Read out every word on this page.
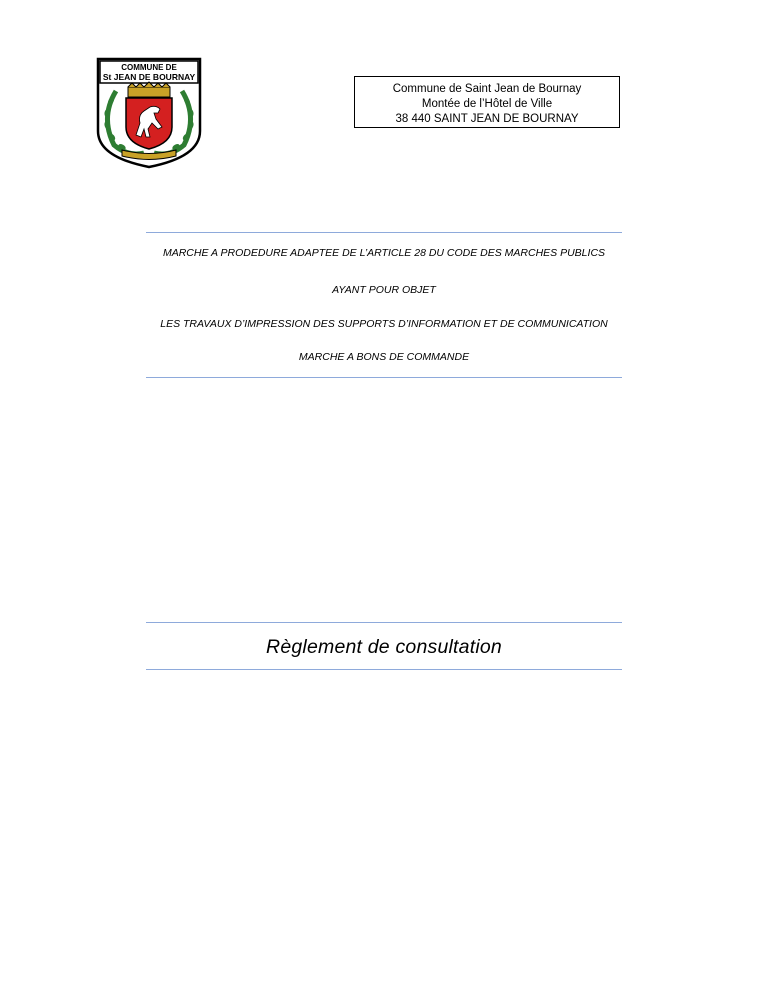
COMMUNE DE
St JEAN DE BOURNAY
Commune de Saint Jean de Bournay
Montée de l’Hôtel de Ville
38 440 SAINT JEAN DE BOURNAY
MARCHE A PRODEDURE ADAPTEE DE L’ARTICLE 28 DU CODE DES MARCHES PUBLICS
AYANT POUR OBJET
LES TRAVAUX D’IMPRESSION DES SUPPORTS D’INFORMATION ET DE COMMUNICATION
MARCHE A BONS DE COMMANDE
Règlement de consultation
